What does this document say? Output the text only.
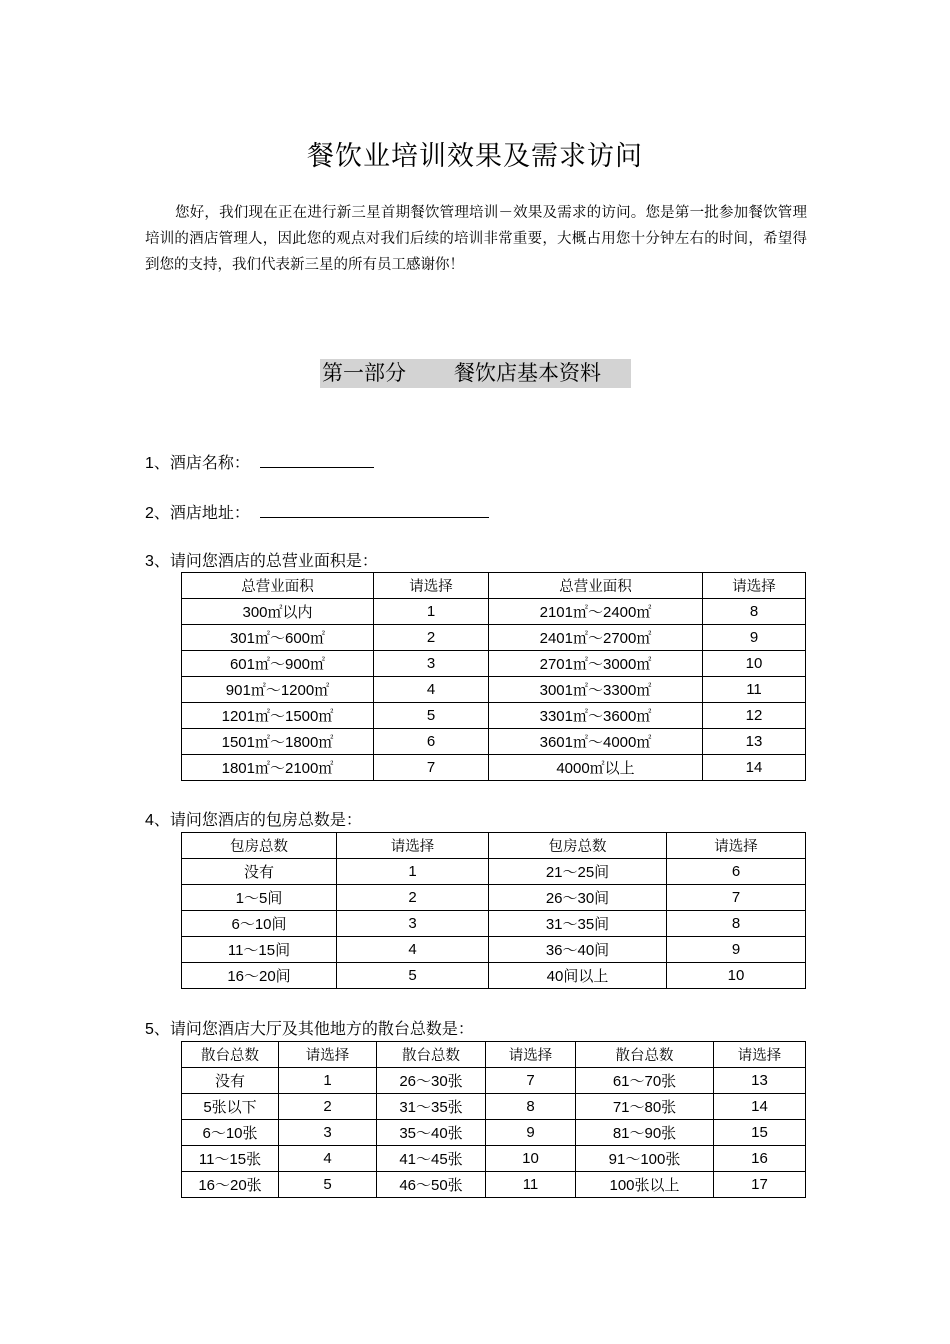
餐饮业培训效果及需求访问
您好，我们现在正在进行新三星首期餐饮管理培训－效果及需求的访问。您是第一批参加餐饮管理培训的酒店管理人，因此您的观点对我们后续的培训非常重要，大概占用您十分钟左右的时间，希望得到您的支持，我们代表新三星的所有员工感谢你！
第一部分 餐饮店基本资料
1、酒店名称：
2、酒店地址：
3、请问您酒店的总营业面积是：
总营业面积	请选择	总营业面积	请选择
300㎡以内	1	2101㎡～2400㎡	8
301㎡～600㎡	2	2401㎡～2700㎡	9
601㎡～900㎡	3	2701㎡～3000㎡	10
901㎡～1200㎡	4	3001㎡～3300㎡	11
1201㎡～1500㎡	5	3301㎡～3600㎡	12
1501㎡～1800㎡	6	3601㎡～4000㎡	13
1801㎡～2100㎡	7	4000㎡以上	14
4、请问您酒店的包房总数是：
包房总数	请选择	包房总数	请选择
没有	1	21～25间	6
1～5间	2	26～30间	7
6～10间	3	31～35间	8
11～15间	4	36～40间	9
16～20间	5	40间以上	10
5、请问您酒店大厅及其他地方的散台总数是：
散台总数	请选择	散台总数	请选择	散台总数	请选择
没有	1	26～30张	7	61～70张	13
5张以下	2	31～35张	8	71～80张	14
6～10张	3	35～40张	9	81～90张	15
11～15张	4	41～45张	10	91～100张	16
16～20张	5	46～50张	11	100张以上	17
